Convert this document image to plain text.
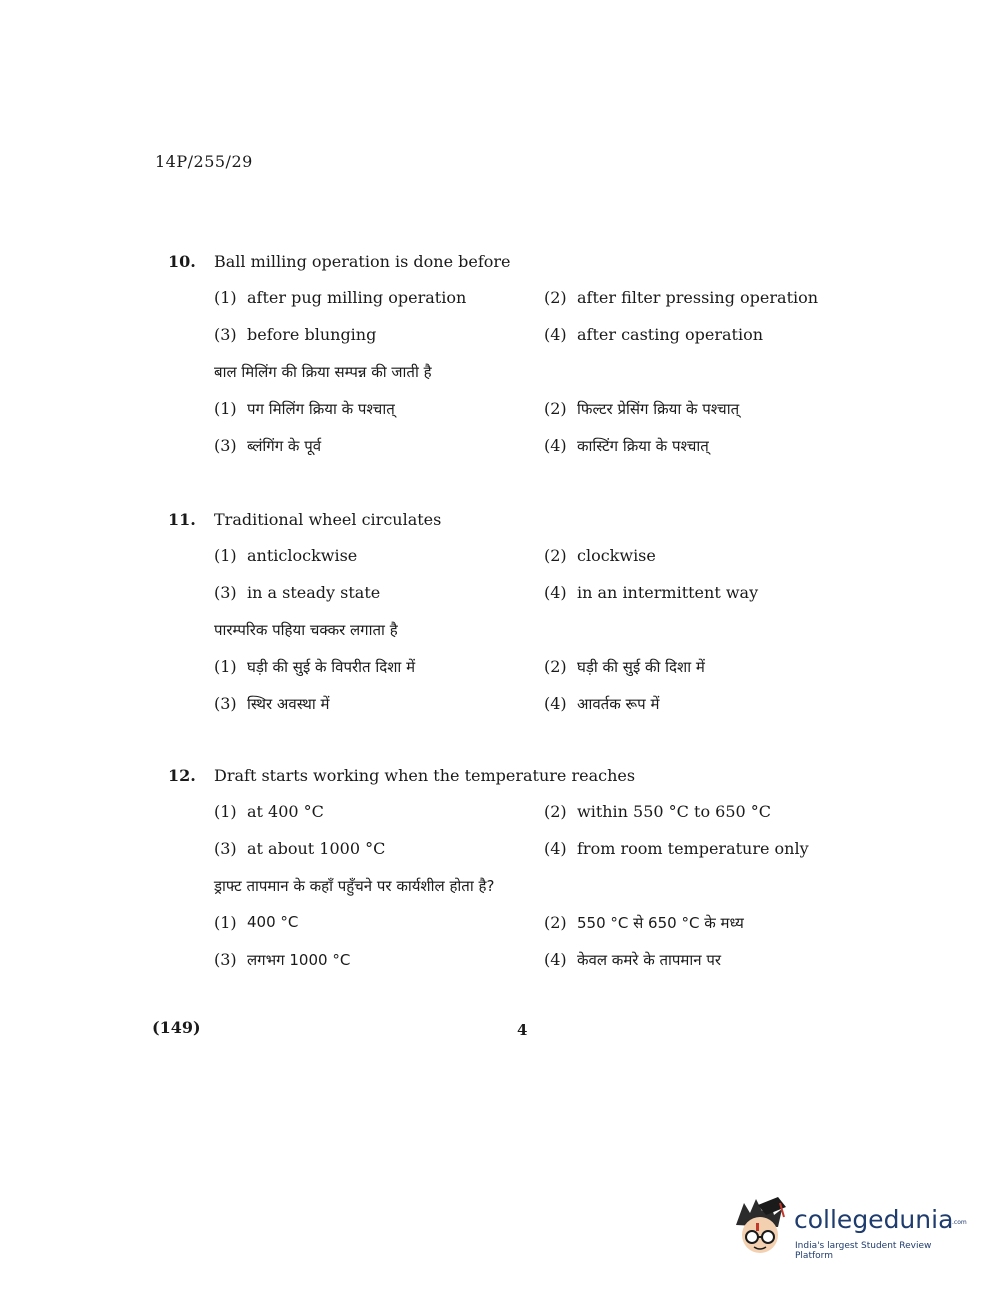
14P/255/29
10.	Ball milling operation is done before
(1) after pug milling operation	(2) after filter pressing operation
(3) before blunging	(4) after casting operation
बाल मिलिंग की क्रिया सम्पन्न की जाती है
(1) पग मिलिंग क्रिया के पश्चात्	(2) फिल्टर प्रेसिंग क्रिया के पश्चात्
(3) ब्लंगिंग के पूर्व	(4) कास्टिंग क्रिया के पश्चात्
11.	Traditional wheel circulates
(1) anticlockwise	(2) clockwise
(3) in a steady state	(4) in an intermittent way
पारम्परिक पहिया चक्कर लगाता है
(1) घड़ी की सुई के विपरीत दिशा में	(2) घड़ी की सुई की दिशा में
(3) स्थिर अवस्था में	(4) आवर्तक रूप में
12.	Draft starts working when the temperature reaches
(1) at 400 °C	(2) within 550 °C to 650 °C
(3) at about 1000 °C	(4) from room temperature only
ड्राफ्ट तापमान के कहाँ पहुँचने पर कार्यशील होता है?
(1) 400 °C	(2) 550 °C से 650 °C के मध्य
(3) लगभग 1000 °C	(4) केवल कमरे के तापमान पर
(149)	4
collegedunia
.com
India's largest Student Review Platform
